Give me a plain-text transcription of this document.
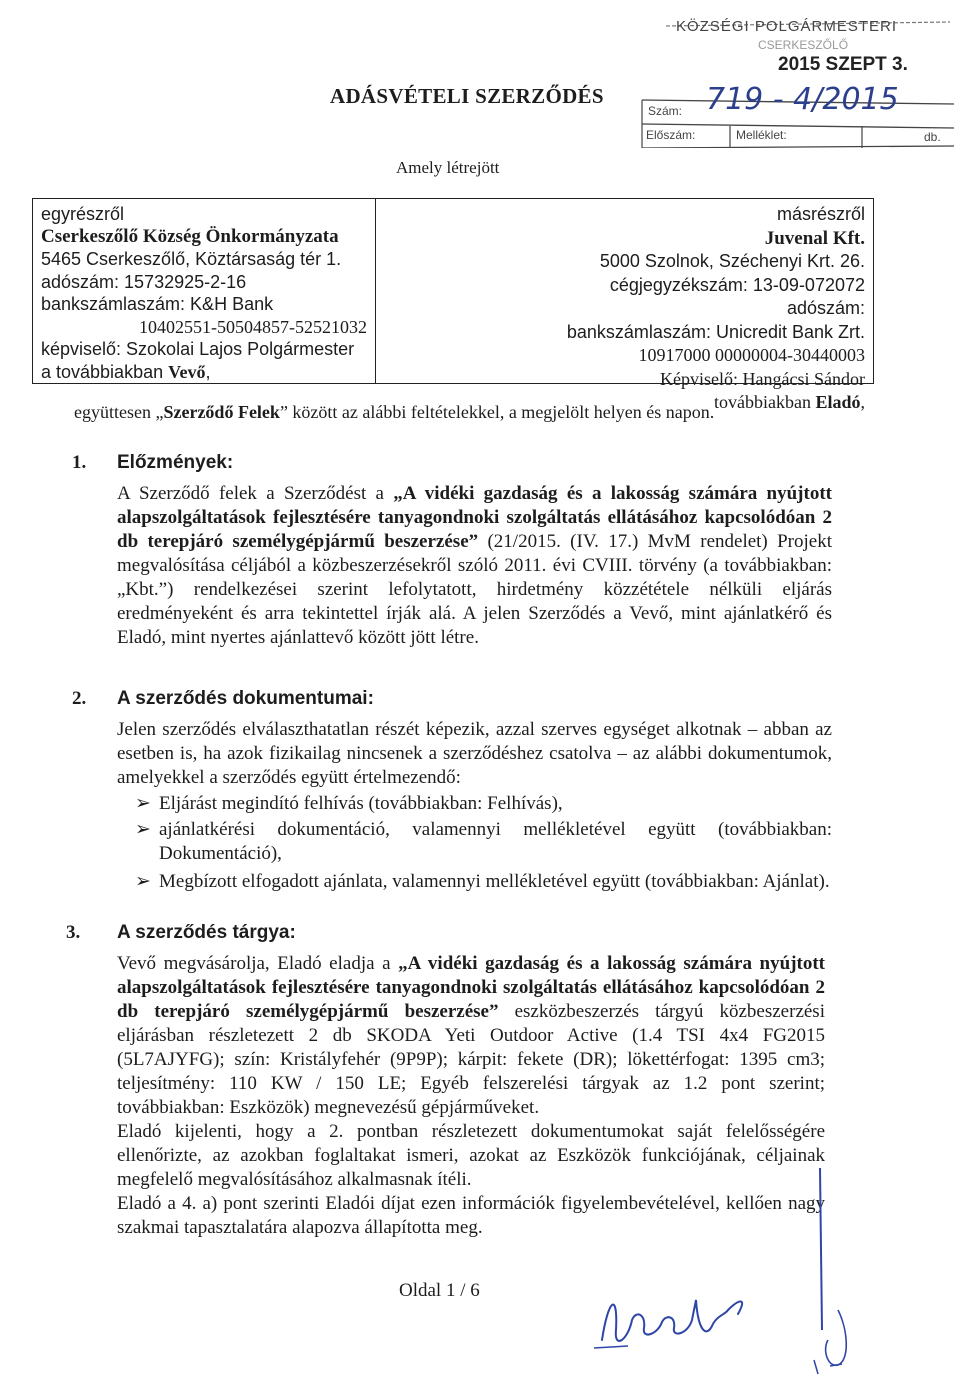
KÖZSÉGI POLGÁRMESTERI
CSERKESZŐLŐ
2015 SZEPT 3.
Szám: 719 - 4/2015
Előszám:	Melléklet:	db.
ADÁSVÉTELI SZERZŐDÉS
Amely létrejött
egyrészről
Cserkeszőlő Község Önkormányzata
5465 Cserkeszőlő, Köztársaság tér 1.
adószám: 15732925-2-16
bankszámlaszám: K&H Bank
10402551-50504857-52521032
képviselő: Szokolai Lajos Polgármester
a továbbiakban Vevő,
másrészről
Juvenal Kft.
5000 Szolnok, Széchenyi Krt. 26.
cégjegyzékszám: 13-09-072072
adószám:
bankszámlaszám: Unicredit Bank Zrt.
10917000 00000004-30440003
Képviselő: Hangácsi Sándor
továbbiakban Eladó,
együttesen „Szerződő Felek” között az alábbi feltételekkel, a megjelölt helyen és napon.
1. Előzmények:
A Szerződő felek a Szerződést a „A vidéki gazdaság és a lakosság számára nyújtott alapszolgáltatások fejlesztésére tanyagondnoki szolgáltatás ellátásához kapcsolódóan 2 db terepjáró személygépjármű beszerzése” (21/2015. (IV. 17.) MvM rendelet) Projekt megvalósítása céljából a közbeszerzésekről szóló 2011. évi CVIII. törvény (a továbbiakban: „Kbt.”) rendelkezései szerint lefolytatott, hirdetmény közzététele nélküli eljárás eredményeként és arra tekintettel írják alá. A jelen Szerződés a Vevő, mint ajánlatkérő és Eladó, mint nyertes ajánlattevő között jött létre.
2. A szerződés dokumentumai:
Jelen szerződés elválaszthatatlan részét képezik, azzal szerves egységet alkotnak – abban az esetben is, ha azok fizikailag nincsenek a szerződéshez csatolva – az alábbi dokumentumok, amelyekkel a szerződés együtt értelmezendő:
➢ Eljárást megindító felhívás (továbbiakban: Felhívás),
➢ ajánlatkérési dokumentáció, valamennyi mellékletével együtt (továbbiakban: Dokumentáció),
➢ Megbízott elfogadott ajánlata, valamennyi mellékletével együtt (továbbiakban: Ajánlat).
3. A szerződés tárgya:
Vevő megvásárolja, Eladó eladja a „A vidéki gazdaság és a lakosság számára nyújtott alapszolgáltatások fejlesztésére tanyagondnoki szolgáltatás ellátásához kapcsolódóan 2 db terepjáró személygépjármű beszerzése” eszközbeszerzés tárgyú közbeszerzési eljárásban részletezett 2 db SKODA Yeti Outdoor Active (1.4 TSI 4x4 FG2015 (5L7AJYFG); szín: Kristályfehér (9P9P); kárpit: fekete (DR); lökettérfogat: 1395 cm3; teljesítmény: 110 KW / 150 LE; Egyéb felszerelési tárgyak az 1.2 pont szerint; továbbiakban: Eszközök) megnevezésű gépjárműveket.
Eladó kijelenti, hogy a 2. pontban részletezett dokumentumokat saját felelősségére ellenőrizte, az azokban foglaltakat ismeri, azokat az Eszközök funkciójának, céljainak megfelelő megvalósításához alkalmasnak ítéli.
Eladó a 4. a) pont szerinti Eladói díjat ezen információk figyelembevételével, kellően nagy szakmai tapasztalatára alapozva állapította meg.
Oldal 1 / 6
